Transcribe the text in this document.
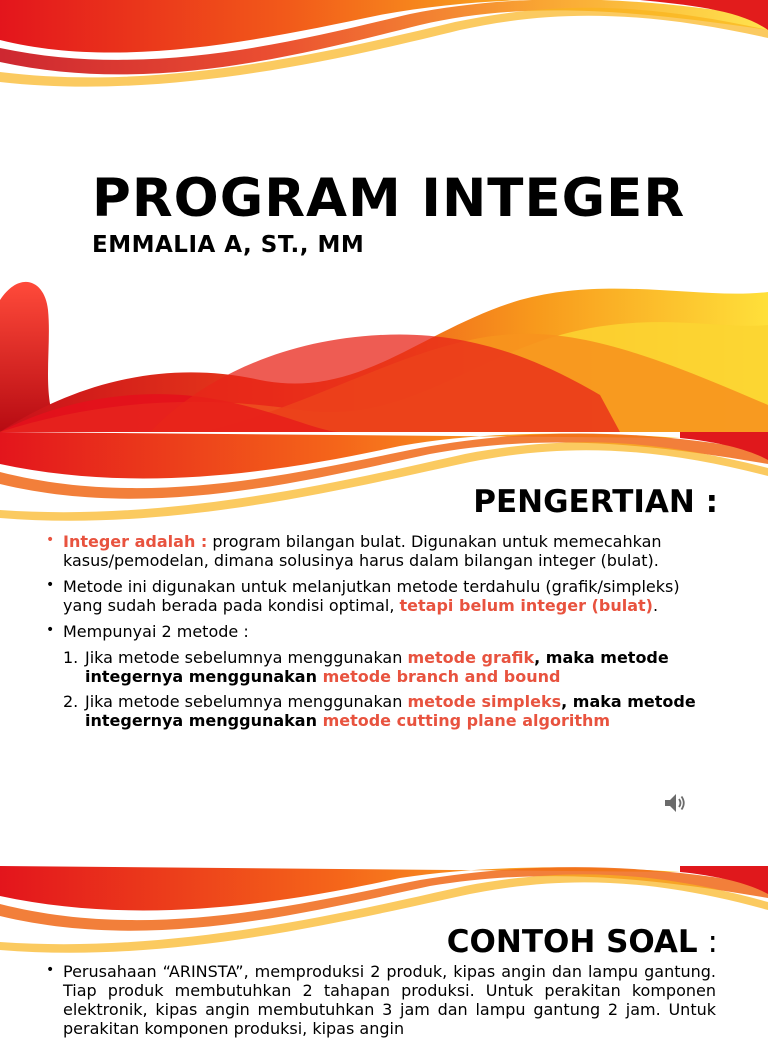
PROGRAM INTEGER
EMMALIA A, ST., MM
PENGERTIAN :
• Integer adalah : program bilangan bulat. Digunakan untuk memecahkan kasus/pemodelan, dimana solusinya harus dalam bilangan integer (bulat).
• Metode ini digunakan untuk melanjutkan metode terdahulu (grafik/simpleks) yang sudah berada pada kondisi optimal, tetapi belum integer (bulat).
• Mempunyai 2 metode :
1. Jika metode sebelumnya menggunakan metode grafik, maka metode integernya menggunakan metode branch and bound
2. Jika metode sebelumnya menggunakan metode simpleks, maka metode integernya menggunakan metode cutting plane algorithm
CONTOH SOAL :
• Perusahaan “ARINSTA”, memproduksi 2 produk, kipas angin dan lampu gantung. Tiap produk membutuhkan 2 tahapan produksi. Untuk perakitan komponen elektronik, kipas angin membutuhkan 3 jam dan lampu gantung 2 jam. Untuk perakitan komponen produksi, kipas angin
